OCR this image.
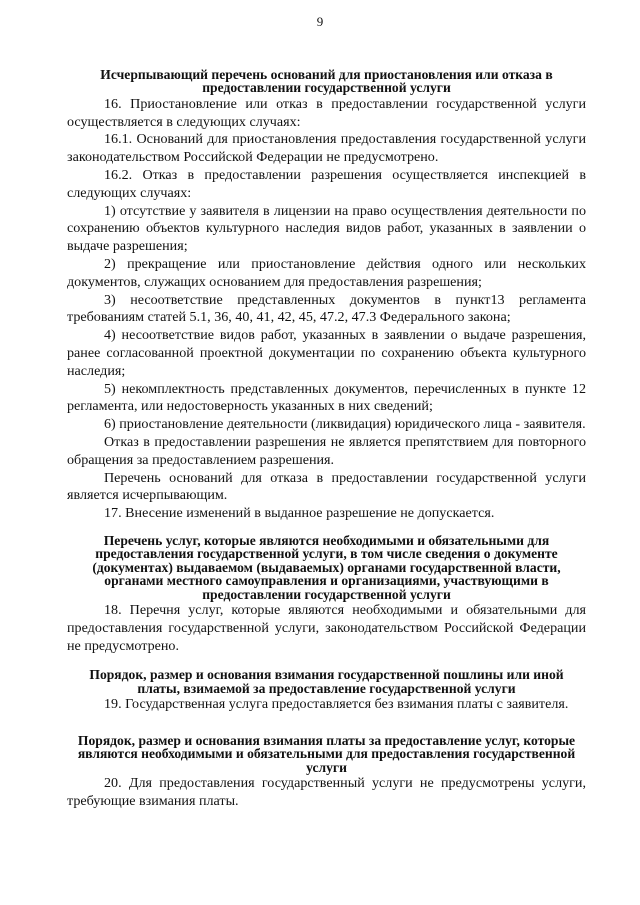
9
Исчерпывающий перечень оснований для приостановления или отказа в предоставлении государственной услуги

16. Приостановление или отказ в предоставлении государственной услуги осуществляется в следующих случаях:

16.1. Оснований для приостановления предоставления государственной услуги законодательством Российской Федерации не предусмотрено.

16.2. Отказ в предоставлении разрешения осуществляется инспекцией в следующих случаях:

1) отсутствие у заявителя в лицензии на право осуществления деятельности по сохранению объектов культурного наследия видов работ, указанных в заявлении о выдаче разрешения;

2) прекращение или приостановление действия одного или нескольких документов, служащих основанием для предоставления разрешения;

3) несоответствие представленных документов в пункт13 регламента требованиям статей 5.1, 36, 40, 41, 42, 45, 47.2, 47.3 Федерального закона;

4) несоответствие видов работ, указанных в заявлении о выдаче разрешения, ранее согласованной проектной документации по сохранению объекта культурного наследия;

5) некомплектность представленных документов, перечисленных в пункте 12 регламента, или недостоверность указанных в них сведений;

6) приостановление деятельности (ликвидация) юридического лица - заявителя.

Отказ в предоставлении разрешения не является препятствием для повторного обращения за предоставлением разрешения.

Перечень оснований для отказа в предоставлении государственной услуги является исчерпывающим.

17. Внесение изменений в выданное разрешение не допускается.

Перечень услуг, которые являются необходимыми и обязательными для предоставления государственной услуги, в том числе сведения о документе (документах) выдаваемом (выдаваемых) органами государственной власти, органами местного самоуправления и организациями, участвующими в предоставлении государственной услуги

18. Перечня услуг, которые являются необходимыми и обязательными для предоставления государственной услуги, законодательством Российской Федерации не предусмотрено.

Порядок, размер и основания взимания государственной пошлины или иной платы, взимаемой за предоставление государственной услуги

19. Государственная услуга предоставляется без взимания платы с заявителя.

Порядок, размер и основания взимания платы за предоставление услуг, которые являются необходимыми и обязательными для предоставления государственной услуги

20. Для предоставления государственный услуги не предусмотрены услуги, требующие взимания платы.
